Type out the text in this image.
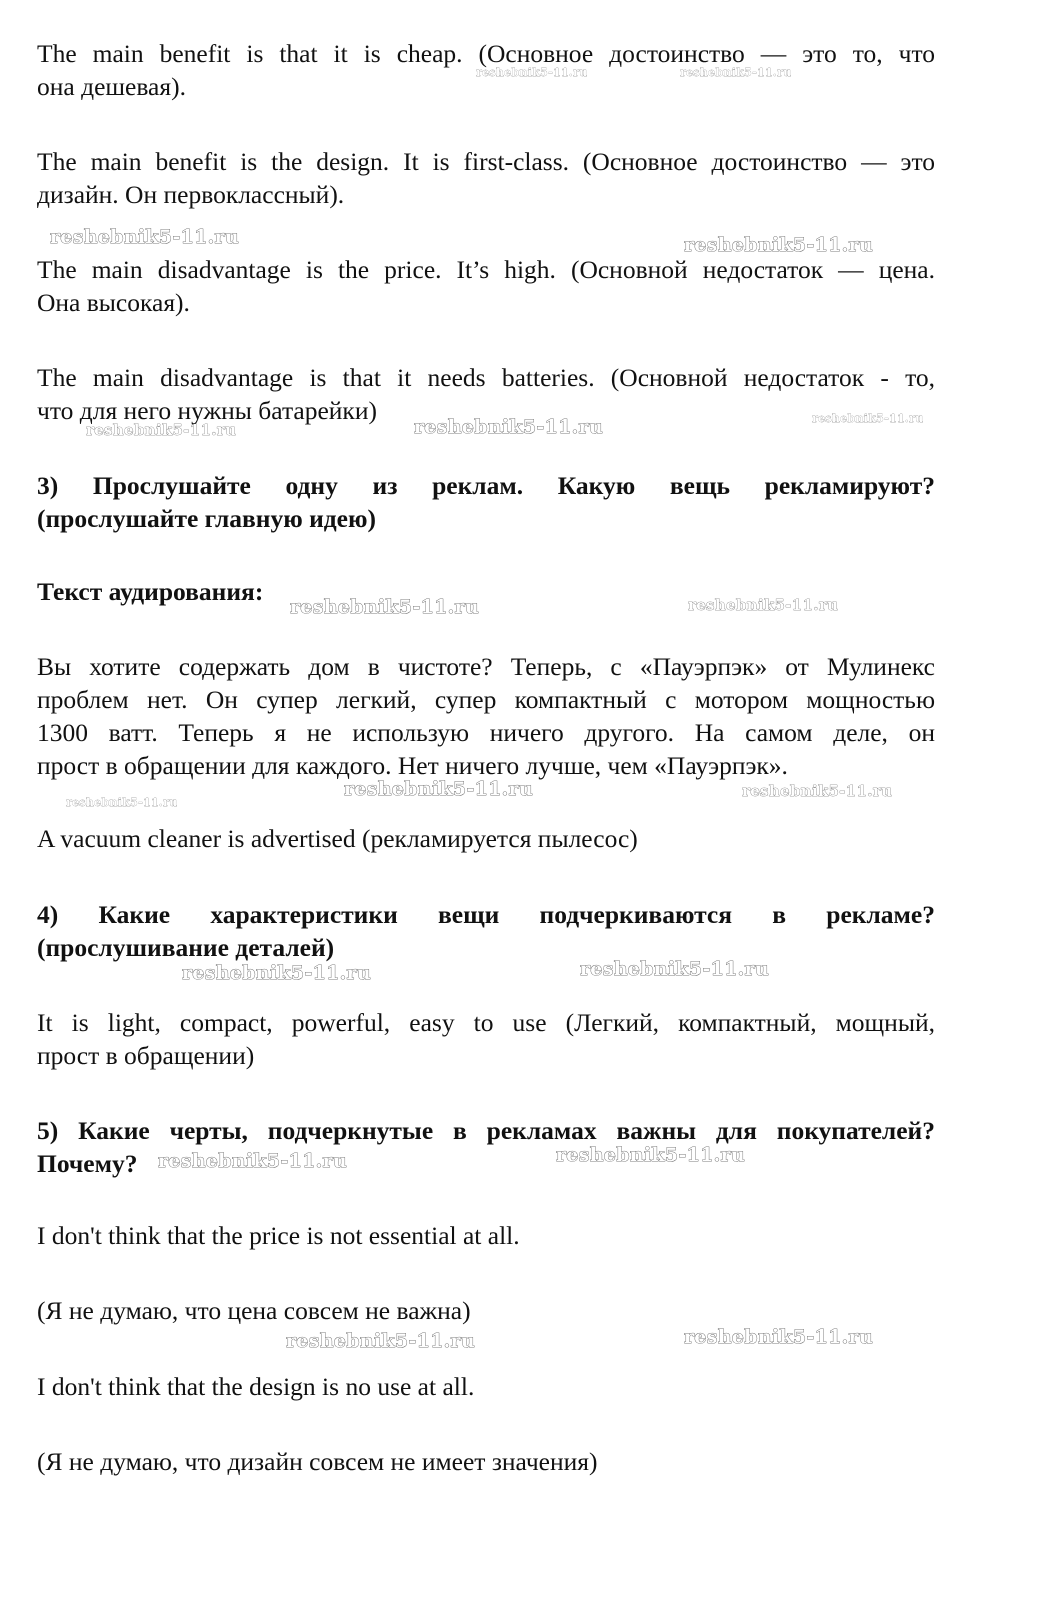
The main benefit is that it is cheap. (Основное достоинство — это то, что
она дешевая).

The main benefit is the design. It is first-class. (Основное достоинство — это
дизайн. Он первоклассный).

The main disadvantage is the price. It’s high. (Основной недостаток — цена.
Она высокая).

The main disadvantage is that it needs batteries. (Основной недостаток - то,
что для него нужны батарейки)

3) Прослушайте одну из реклам. Какую вещь рекламируют?
(прослушайте главную идею)

Текст аудирования:

Вы хотите содержать дом в чистоте? Теперь, с «Пауэрпэк» от Мулинекс
проблем нет. Он супер легкий, супер компактный с мотором мощностью
1300 ватт. Теперь я не использую ничего другого. На самом деле, он
прост в обращении для каждого. Нет ничего лучше, чем «Пауэрпэк».

A vacuum cleaner is advertised (рекламируется пылесос)

4) Какие характеристики вещи подчеркиваются в рекламе?
(прослушивание деталей)

It is light, compact, powerful, easy to use (Легкий, компактный, мощный,
прост в обращении)

5) Какие черты, подчеркнутые в рекламах важны для покупателей?
Почему?

I don't think that the price is not essential at all.

(Я не думаю, что цена совсем не важна)

I don't think that the design is no use at all.

(Я не думаю, что дизайн совсем не имеет значения)

reshebnik5-11.ru	reshebnik5-11.ru
reshebnik5-11.ru	reshebnik5-11.ru
reshebnik5-11.ru	reshebnik5-11.ru	reshebnik5-11.ru
reshebnik5-11.ru	reshebnik5-11.ru
reshebnik5-11.ru
reshebnik5-11.ru	reshebnik5-11.ru
reshebnik5-11.ru	reshebnik5-11.ru
reshebnik5-11.ru	reshebnik5-11.ru
reshebnik5-11.ru	reshebnik5-11.ru
